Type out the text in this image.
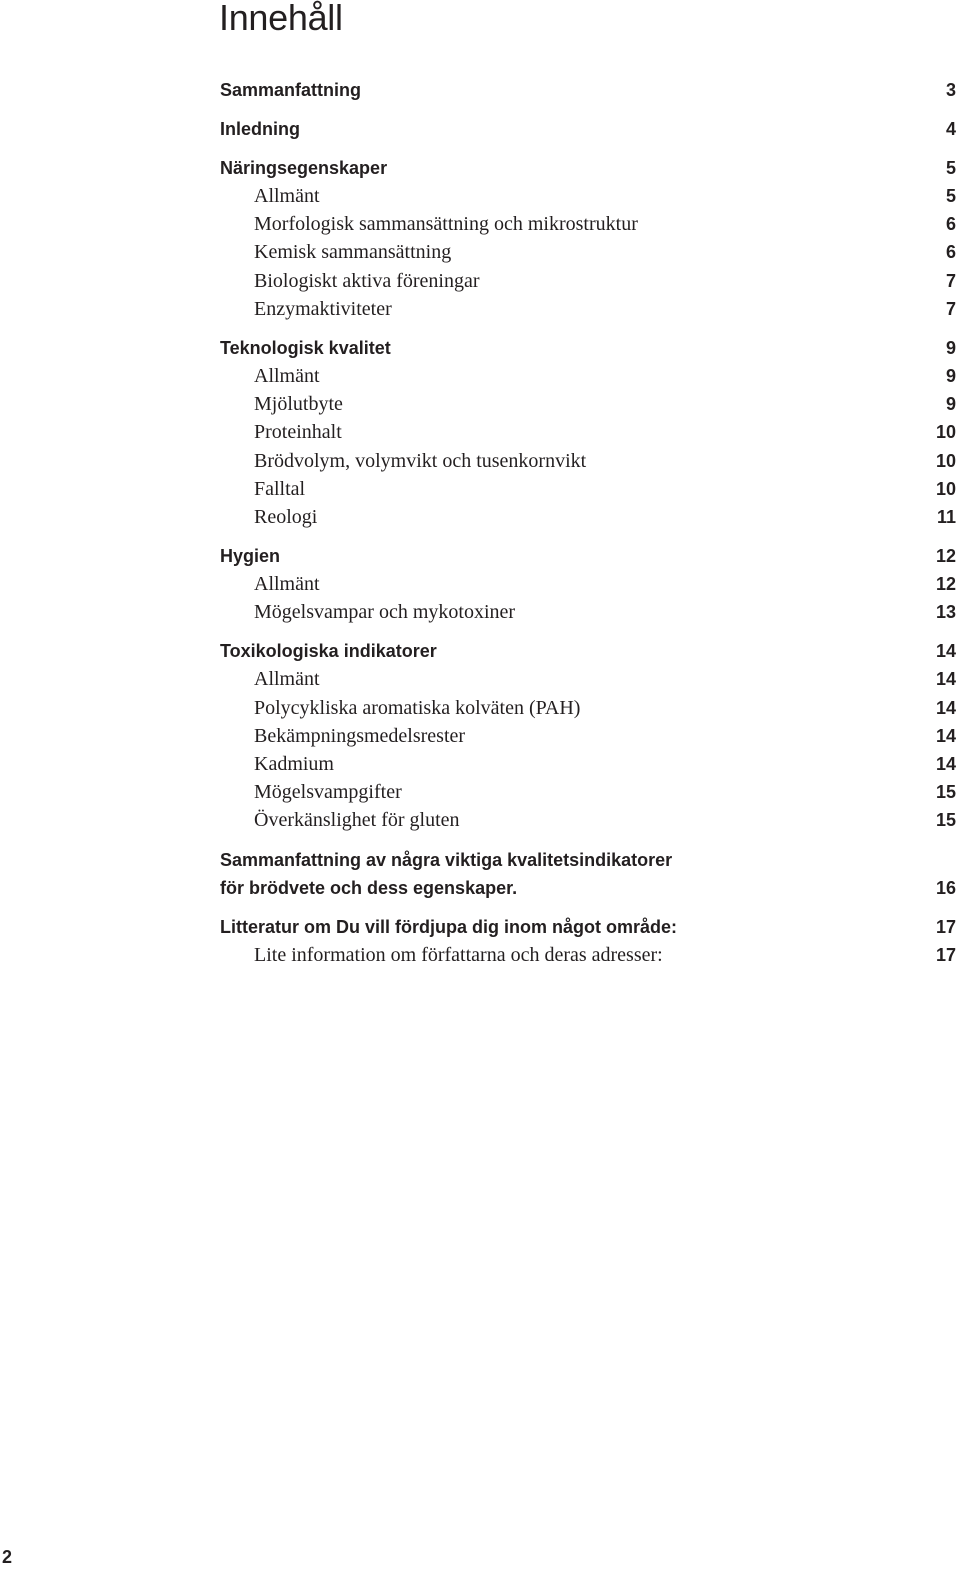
Innehåll
Sammanfattning	3
Inledning	4
Näringsegenskaper	5
Allmänt	5
Morfologisk sammansättning och mikrostruktur	6
Kemisk sammansättning	6
Biologiskt aktiva föreningar	7
Enzymaktiviteter	7
Teknologisk kvalitet	9
Allmänt	9
Mjölutbyte	9
Proteinhalt	10
Brödvolym, volymvikt och tusenkornvikt	10
Falltal	10
Reologi	11
Hygien	12
Allmänt	12
Mögelsvampar och mykotoxiner	13
Toxikologiska indikatorer	14
Allmänt	14
Polycykliska aromatiska kolväten (PAH)	14
Bekämpningsmedelsrester	14
Kadmium	14
Mögelsvampgifter	15
Överkänslighet för gluten	15
Sammanfattning av några viktiga kvalitetsindikatorer
för brödvete och dess egenskaper.	16
Litteratur om Du vill fördjupa dig inom något område:	17
Lite information om författarna och deras adresser:	17
2
